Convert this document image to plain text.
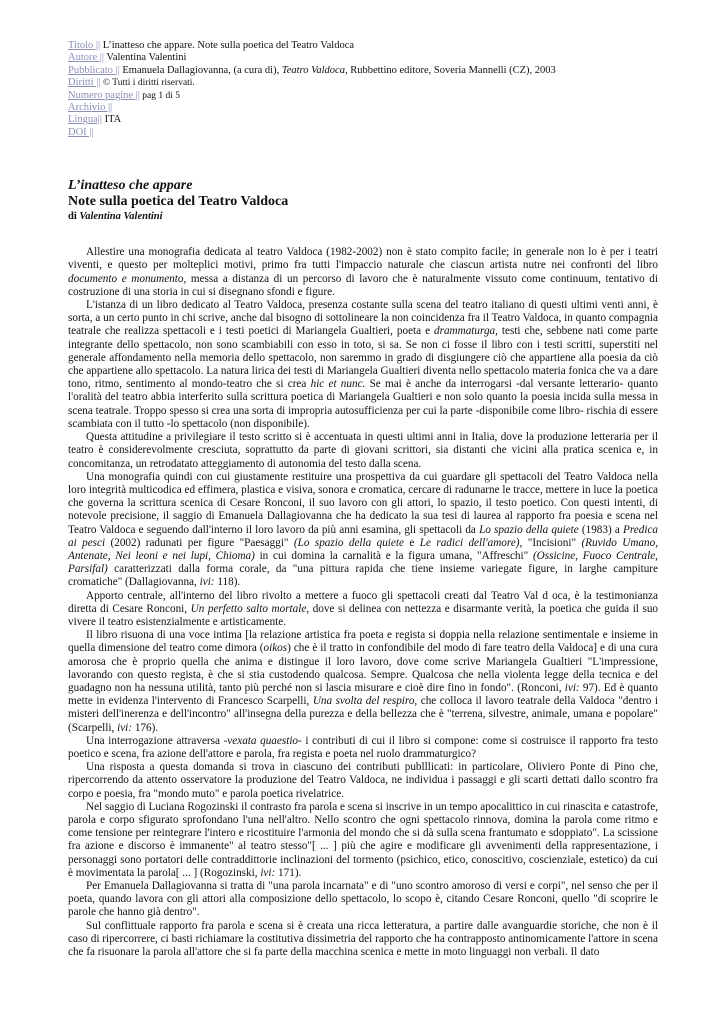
Titolo || L’inatteso che appare. Note sulla poetica del Teatro Valdoca
Autore || Valentina Valentini
Pubblicato || Emanuela Dallagiovanna, (a cura di), Teatro Valdoca, Rubbettino editore, Soveria Mannelli (CZ), 2003
Diritti || © Tutti i diritti riservati.
Numero pagine || pag 1 di 5
Archivio ||
Lingua|| ITA
DOI ||
L’inatteso che appare
Note sulla poetica del Teatro Valdoca
di Valentina Valentini

Allestire una monografia dedicata al teatro Valdoca (1982-2002) non è stato compito facile; in generale non lo è per i teatri viventi, e questo per molteplici motivi, primo fra tutti l'impaccio naturale che ciascun artista nutre nei confronti del libro documento e monumento, messa a distanza di un percorso di lavoro che è naturalmente vissuto come continuum, tentativo di costruzione di una storia in cui si disegnano sfondi e figure.

L'istanza di un libro dedicato al Teatro Valdoca, presenza costante sulla scena del teatro italiano di questi ultimi venti anni, è sorta, a un certo punto in chi scrive, anche dal bisogno di sottolineare la non coincidenza fra il Teatro Valdoca, in quanto compagnia teatrale che realizza spettacoli e i testi poetici di Mariangela Gualtieri, poeta e drammaturga, testi che, sebbene nati come parte integrante dello spettacolo, non sono scambiabili con esso in toto, si sa. Se non ci fosse il libro con i testi scritti, superstiti nel generale affondamento nella memoria dello spettacolo, non saremmo in grado di disgiungere ciò che appartiene alla poesia da ciò che appartiene allo spettacolo. La natura lirica dei testi di Mariangela Gualtieri diventa nello spettacolo materia fonica che va a dare tono, ritmo, sentimento al mondo-teatro che si crea hic et nunc. Se mai è anche da interrogarsi -dal versante letterario- quanto l'oralità del teatro abbia interferito sulla scrittura poetica di Mariangela Gualtieri e non solo quanto la poesia incida sulla messa in scena teatrale. Troppo spesso si crea una sorta di impropria autosufficienza per cui la parte -disponibile come libro- rischia di essere scambiata con il tutto -lo spettacolo (non disponibile).

Questa attitudine a privilegiare il testo scritto si è accentuata in questi ultimi anni in Italia, dove la produzione letteraria per il teatro è considerevolmente cresciuta, soprattutto da parte di giovani scrittori, sia distanti che vicini alla pratica scenica e, in concomitanza, un retrodatato atteggiamento di autonomia del testo dalla scena.

Una monografia quindi con cui giustamente restituire una prospettiva da cui guardare gli spettacoli del Teatro Valdoca nella loro integrità multicodica ed effimera, plastica e visiva, sonora e cromatica, cercare di radunarne le tracce, mettere in luce la poetica che governa la scrittura scenica di Cesare Ronconi, il suo lavoro con gli attori, lo spazio, il testo poetico. Con questi intenti, di notevole precisione, il saggio di Emanuela Dallagiovanna che ha dedicato la sua tesi di laurea al rapporto fra poesia e scena nel Teatro Valdoca e seguendo dall'interno il loro lavoro da più anni esamina, gli spettacoli da Lo spazio della quiete (1983) a Predica ai pesci (2002) radunati per figure "Paesaggi" (Lo spazio della quiete e Le radici dell'amore), "Incisioni" (Ruvido Umano, Antenate, Nei leoni e nei lupi, Chioma) in cui domina la carnalità e la figura umana, "Affreschi" (Ossicine, Fuoco Centrale, Parsifal) caratterizzati dalla forma corale, da "una pittura rapida che tiene insieme variegate figure, in larghe campiture cromatiche" (Dallagiovanna, ivi: 118).

Apporto centrale, all'interno del libro rivolto a mettere a fuoco gli spettacoli creati dal Teatro Val d oca, è la testimonianza diretta di Cesare Ronconi, Un perfetto salto mortale, dove si delinea con nettezza e disarmante verità, la poetica che guida il suo vivere il teatro esistenzialmente e artisticamente.

Il libro risuona di una voce intima [la relazione artistica fra poeta e regista si doppia nella relazione sentimentale e insieme in quella dimensione del teatro come dimora (oikos) che è il tratto in confondibile del modo di fare teatro della Valdoca] e di una cura amorosa che è proprio quella che anima e distingue il loro lavoro, dove come scrive Mariangela Gualtieri "L'impressione, lavorando con questo regista, è che si stia custodendo qualcosa. Sempre. Qualcosa che nella violenta legge della tecnica e del guadagno non ha nessuna utilità, tanto più perché non si lascia misurare e cioè dire fino in fondo". (Ronconi, ivi: 97). Ed è quanto mette in evidenza l'intervento di Francesco Scarpelli, Una svolta del respiro, che colloca il lavoro teatrale della Valdoca "dentro i misteri dell'inerenza e dell'incontro" all'insegna della purezza e della bellezza che è "terrena, silvestre, animale, umana e popolare" (Scarpelli, ivi: 176).

Una interrogazione attraversa -vexata quaestio- i contributi di cui il libro si compone: come si costruisce il rapporto fra testo poetico e scena, fra azione dell'attore e parola, fra regista e poeta nel ruolo drammaturgico?

Una risposta a questa domanda si trova in ciascuno dei contributi publllicati: in particolare, Oliviero Ponte di Pino che, ripercorrendo da attento osservatore la produzione del Teatro Valdoca, ne individua i passaggi e gli scarti dettati dallo scontro fra corpo e poesia, fra "mondo muto" e parola poetica rivelatrice.

Nel saggio di Luciana Rogozinski il contrasto fra parola e scena si inscrive in un tempo apocalittico in cui rinascita e catastrofe, parola e corpo sfigurato sprofondano l'una nell'altro. Nello scontro che ogni spettacolo rinnova, domina la parola come ritmo e come tensione per reintegrare l'intero e ricostituire l'armonia del mondo che si dà sulla scena frantumato e sdoppiato". La scissione fra azione e discorso è immanente" al teatro stesso"[ ... ] più che agire e modificare gli avvenimenti della rappresentazione, i personaggi sono portatori delle contraddittorie inclinazioni del tormento (psichico, etico, conoscitivo, coscienziale, estetico) da cui è movimentata la parola[ ... ] (Rogozinski, ivi: 171).

Per Emanuela Dallagiovanna si tratta di "una parola incarnata" e di "uno scontro amoroso di versi e corpi", nel senso che per il poeta, quando lavora con gli attori alla composizione dello spettacolo, lo scopo è, citando Cesare Ronconi, quello "di scoprire le parole che hanno già dentro".

Sul conflittuale rapporto fra parola e scena si è creata una ricca letteratura, a partire dalle avanguardie storiche, che non è il caso di ripercorrere, ci basti richiamare la costitutiva dissimetria del rapporto che ha contrapposto antinomicamente l'attore in scena che fa risuonare la parola all'attore che si fa parte della macchina scenica e mette in moto linguaggi non verbali. Il dato
